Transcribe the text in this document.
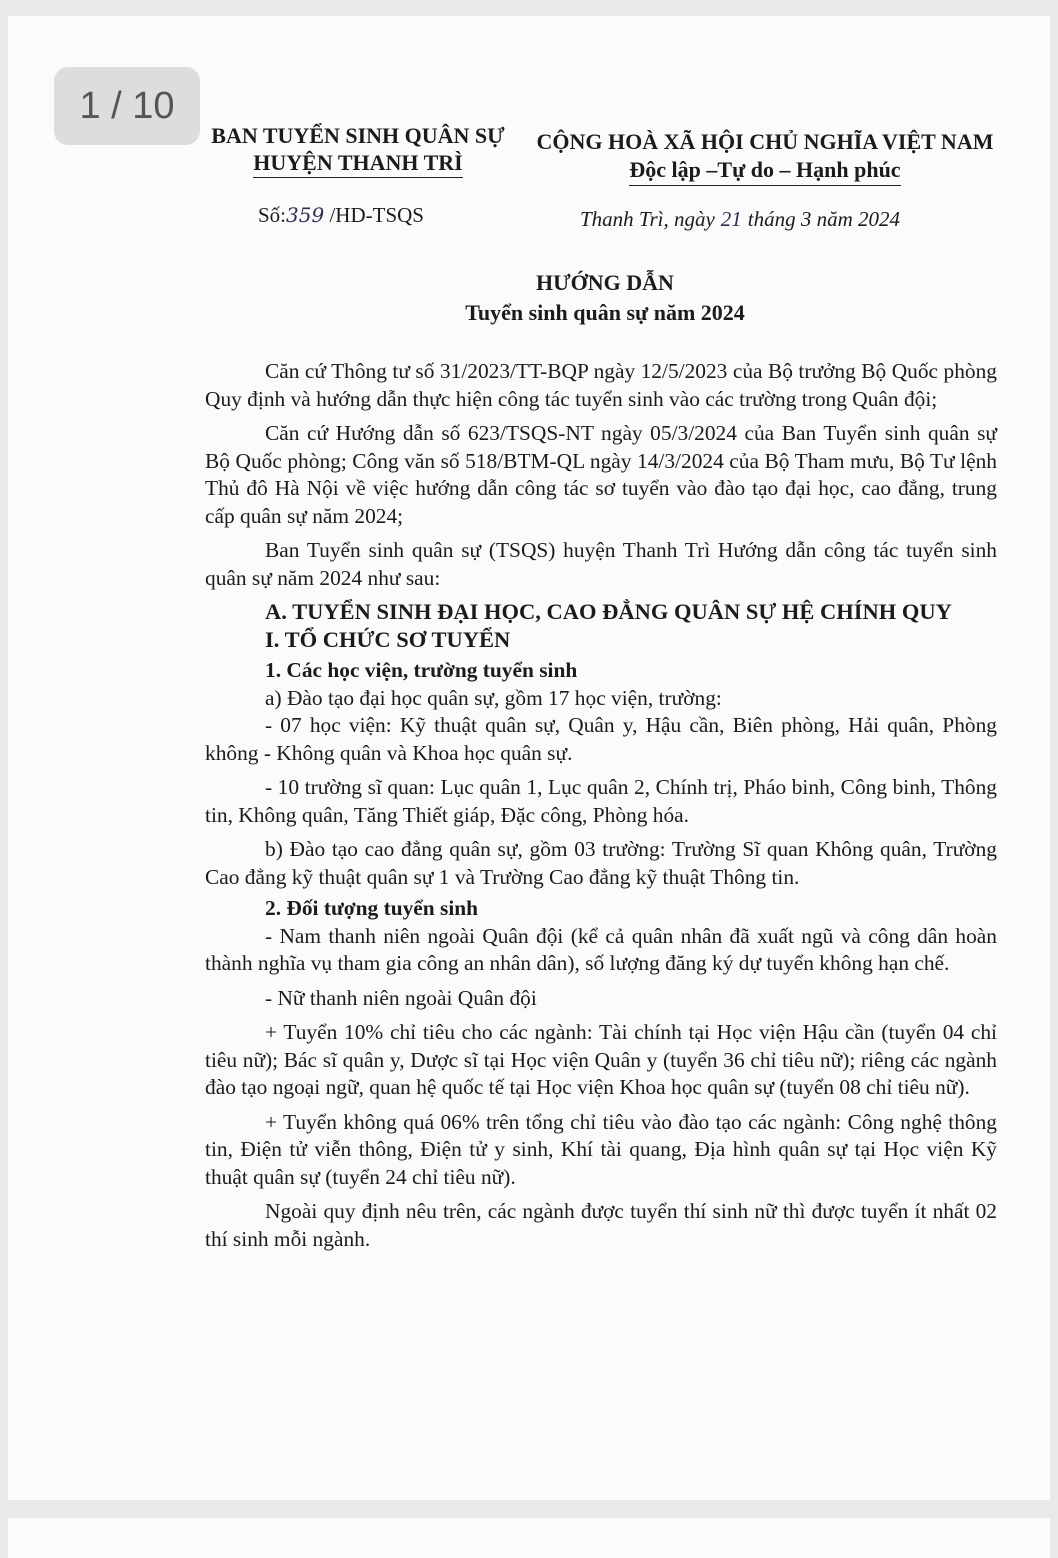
1 / 10
BAN TUYỂN SINH QUÂN SỰ
HUYỆN THANH TRÌ
CỘNG HOÀ XÃ HỘI CHỦ NGHĨA VIỆT NAM
Độc lập –Tự do – Hạnh phúc
Số:359 /HD-TSQS	Thanh Trì, ngày 21 tháng 3 năm 2024
HƯỚNG DẪN
Tuyển sinh quân sự năm 2024

Căn cứ Thông tư số 31/2023/TT-BQP ngày 12/5/2023 của Bộ trưởng Bộ Quốc phòng Quy định và hướng dẫn thực hiện công tác tuyển sinh vào các trường trong Quân đội;

Căn cứ Hướng dẫn số 623/TSQS-NT ngày 05/3/2024 của Ban Tuyển sinh quân sự Bộ Quốc phòng; Công văn số 518/BTM-QL ngày 14/3/2024 của Bộ Tham mưu, Bộ Tư lệnh Thủ đô Hà Nội về việc hướng dẫn công tác sơ tuyển vào đào tạo đại học, cao đẳng, trung cấp quân sự năm 2024;

Ban Tuyển sinh quân sự (TSQS) huyện Thanh Trì Hướng dẫn công tác tuyển sinh quân sự năm 2024 như sau:

A. TUYỂN SINH ĐẠI HỌC, CAO ĐẲNG QUÂN SỰ HỆ CHÍNH QUY
I. TỔ CHỨC SƠ TUYỂN
1. Các học viện, trường tuyển sinh

a) Đào tạo đại học quân sự, gồm 17 học viện, trường:

- 07 học viện: Kỹ thuật quân sự, Quân y, Hậu cần, Biên phòng, Hải quân, Phòng không - Không quân và Khoa học quân sự.

- 10 trường sĩ quan: Lục quân 1, Lục quân 2, Chính trị, Pháo binh, Công binh, Thông tin, Không quân, Tăng Thiết giáp, Đặc công, Phòng hóa.

b) Đào tạo cao đẳng quân sự, gồm 03 trường: Trường Sĩ quan Không quân, Trường Cao đẳng kỹ thuật quân sự 1 và Trường Cao đẳng kỹ thuật Thông tin.

2. Đối tượng tuyển sinh

- Nam thanh niên ngoài Quân đội (kể cả quân nhân đã xuất ngũ và công dân hoàn thành nghĩa vụ tham gia công an nhân dân), số lượng đăng ký dự tuyển không hạn chế.

- Nữ thanh niên ngoài Quân đội

+ Tuyển 10% chỉ tiêu cho các ngành: Tài chính tại Học viện Hậu cần (tuyển 04 chỉ tiêu nữ); Bác sĩ quân y, Dược sĩ tại Học viện Quân y (tuyển 36 chỉ tiêu nữ); riêng các ngành đào tạo ngoại ngữ, quan hệ quốc tế tại Học viện Khoa học quân sự (tuyển 08 chỉ tiêu nữ).

+ Tuyển không quá 06% trên tổng chỉ tiêu vào đào tạo các ngành: Công nghệ thông tin, Điện tử viễn thông, Điện tử y sinh, Khí tài quang, Địa hình quân sự tại Học viện Kỹ thuật quân sự (tuyển 24 chỉ tiêu nữ).

Ngoài quy định nêu trên, các ngành được tuyển thí sinh nữ thì được tuyển ít nhất 02 thí sinh mỗi ngành.
